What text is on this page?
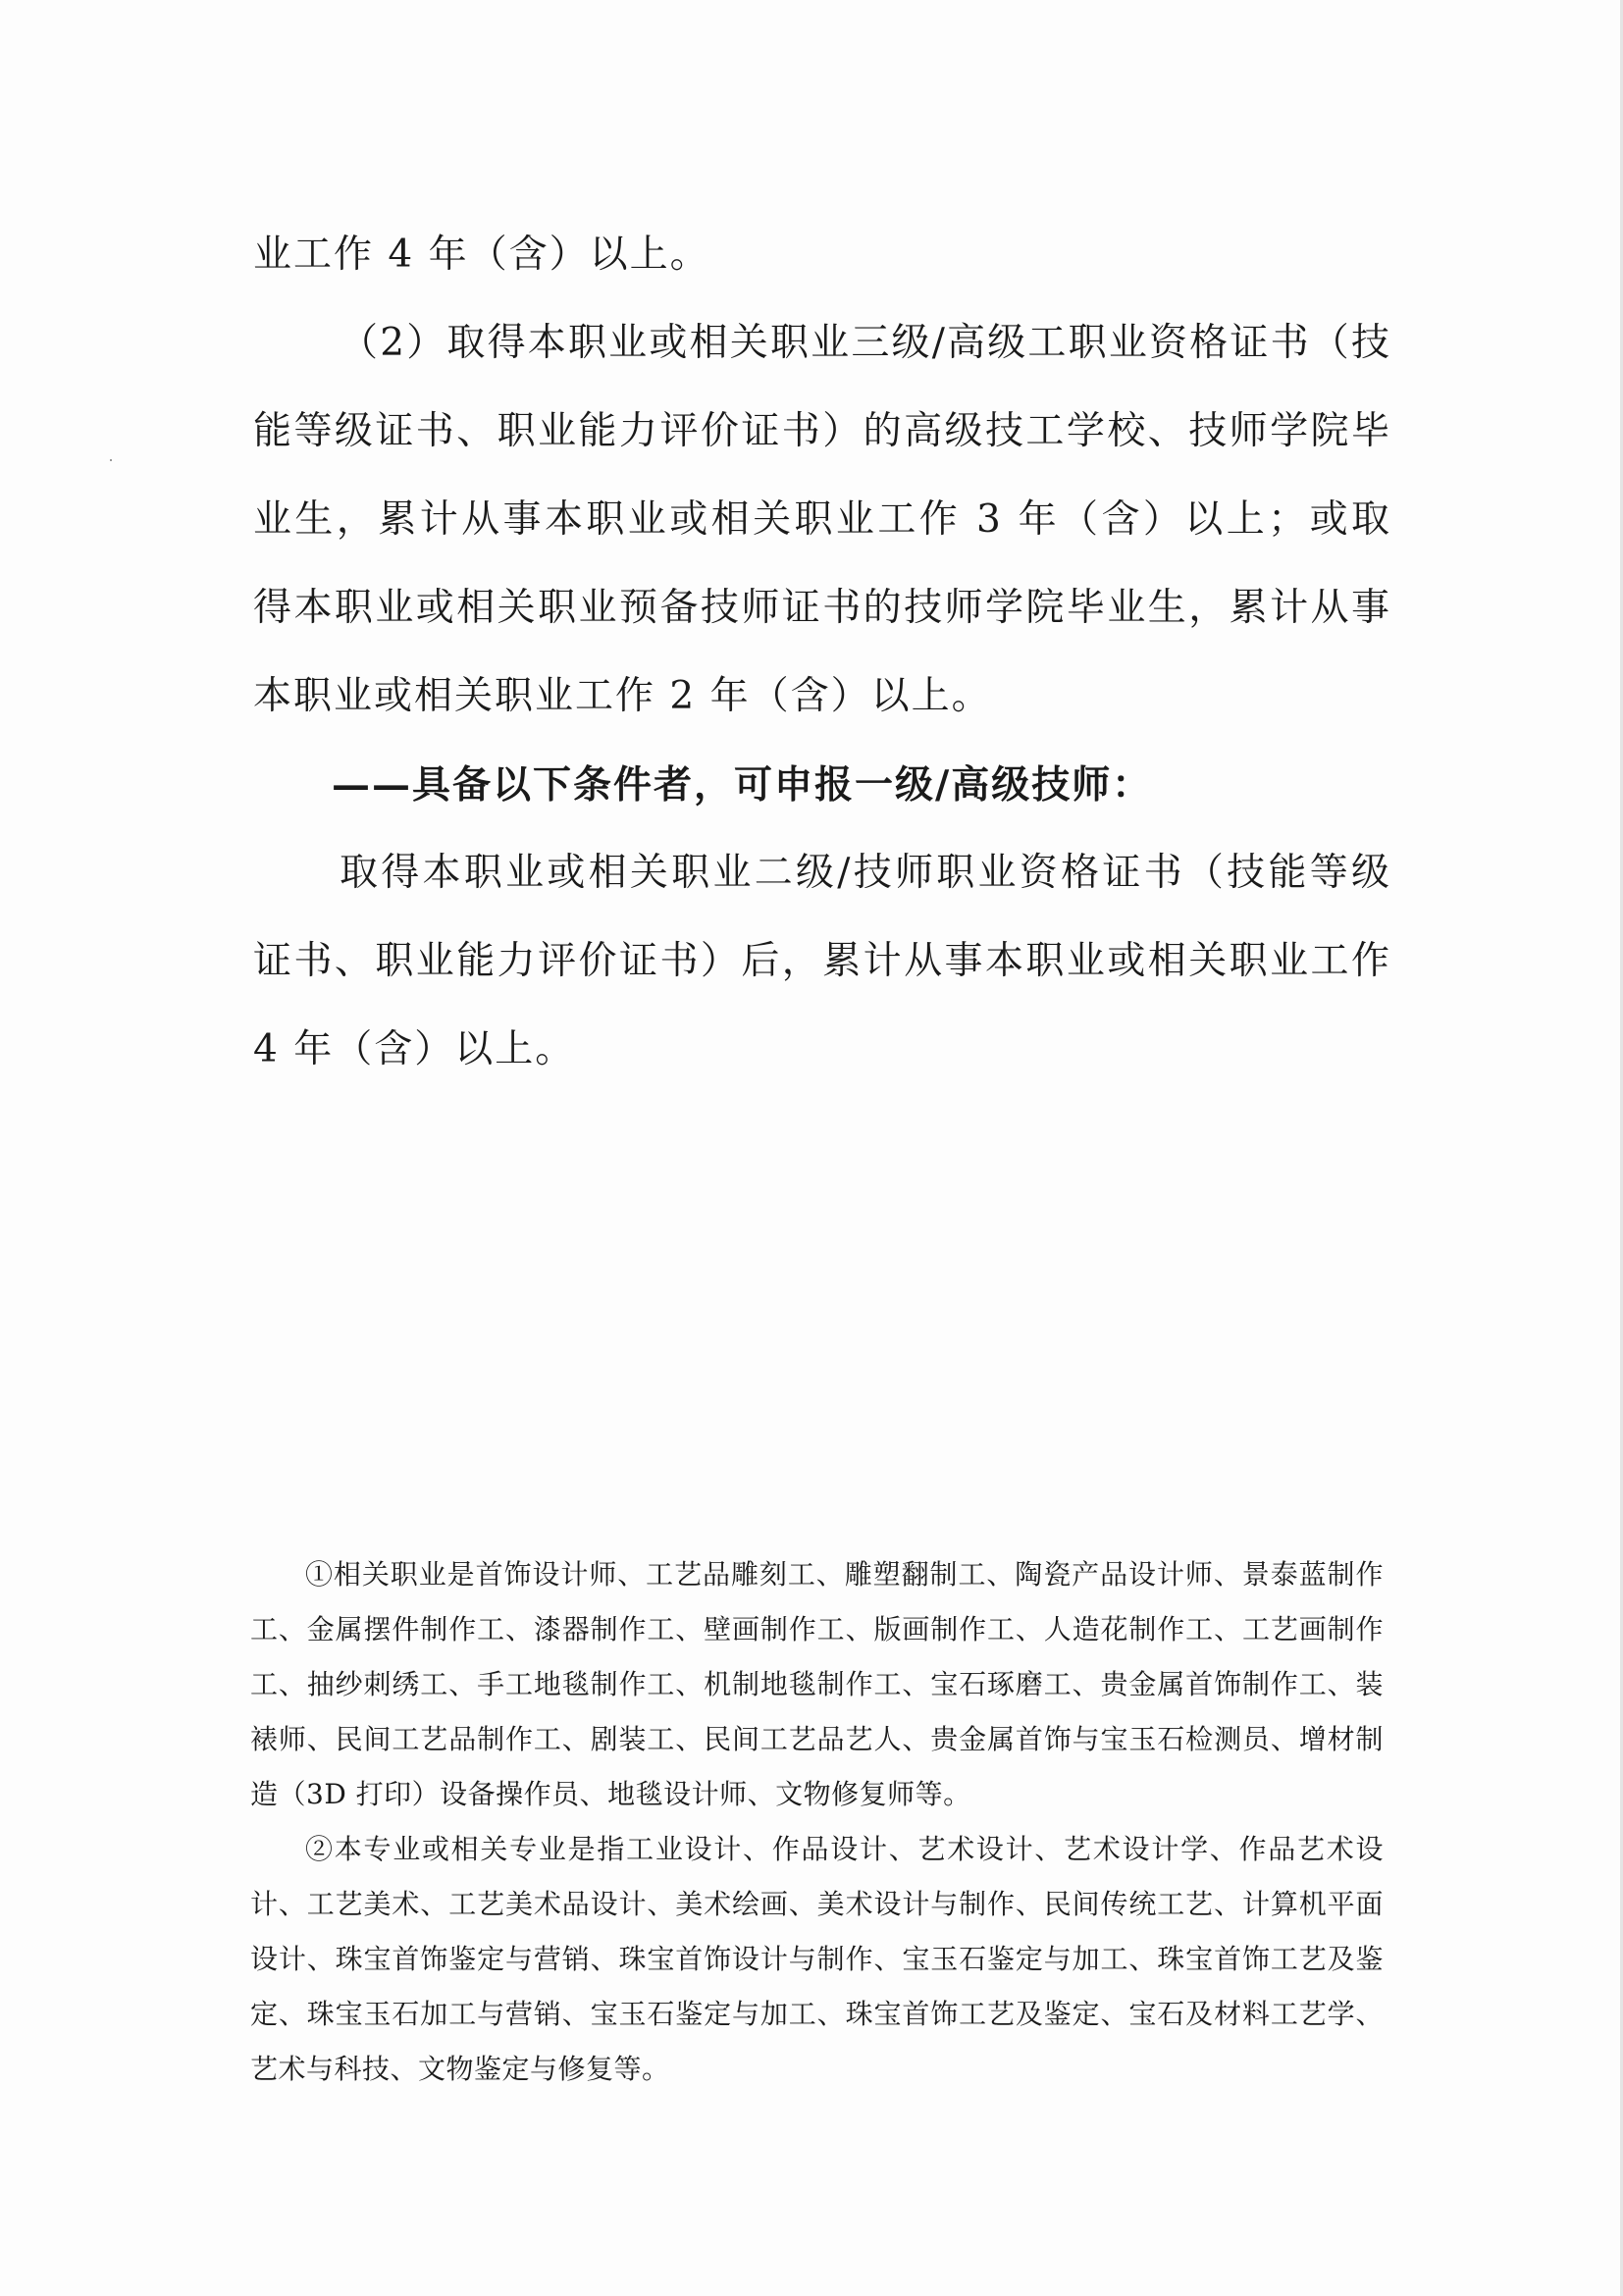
业工作 4 年（含）以上。

（2）取得本职业或相关职业三级/高级工职业资格证书（技能等级证书、职业能力评价证书）的高级技工学校、技师学院毕业生，累计从事本职业或相关职业工作 3 年（含）以上；或取得本职业或相关职业预备技师证书的技师学院毕业生，累计从事本职业或相关职业工作 2 年（含）以上。

——具备以下条件者，可申报一级/高级技师：

取得本职业或相关职业二级/技师职业资格证书（技能等级证书、职业能力评价证书）后，累计从事本职业或相关职业工作 4 年（含）以上。

①相关职业是首饰设计师、工艺品雕刻工、雕塑翻制工、陶瓷产品设计师、景泰蓝制作工、金属摆件制作工、漆器制作工、壁画制作工、版画制作工、人造花制作工、工艺画制作工、抽纱刺绣工、手工地毯制作工、机制地毯制作工、宝石琢磨工、贵金属首饰制作工、装裱师、民间工艺品制作工、剧装工、民间工艺品艺人、贵金属首饰与宝玉石检测员、增材制造（3D 打印）设备操作员、地毯设计师、文物修复师等。

②本专业或相关专业是指工业设计、作品设计、艺术设计、艺术设计学、作品艺术设计、工艺美术、工艺美术品设计、美术绘画、美术设计与制作、民间传统工艺、计算机平面设计、珠宝首饰鉴定与营销、珠宝首饰设计与制作、宝玉石鉴定与加工、珠宝首饰工艺及鉴定、珠宝玉石加工与营销、宝玉石鉴定与加工、珠宝首饰工艺及鉴定、宝石及材料工艺学、艺术与科技、文物鉴定与修复等。
